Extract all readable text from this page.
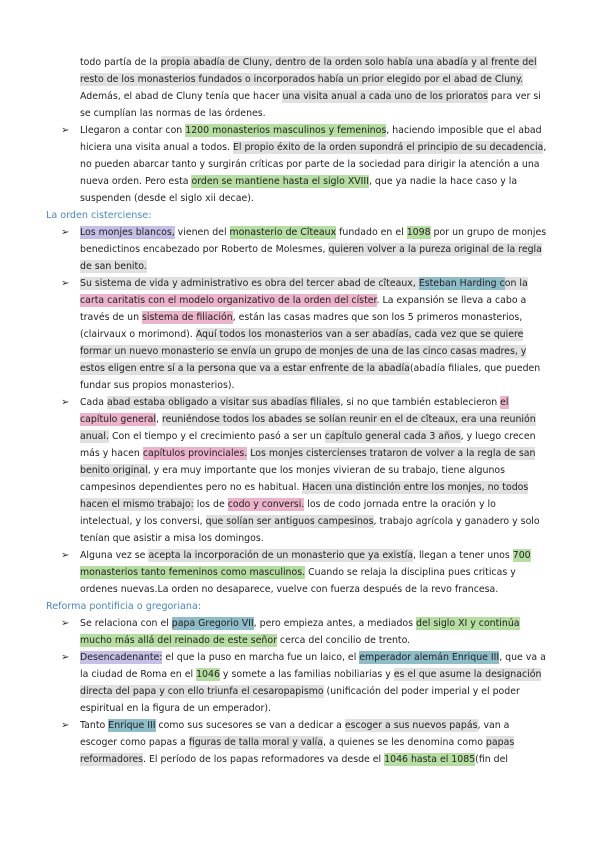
todo partía de la propia abadía de Cluny, dentro de la orden solo había una abadía y al frente del resto de los monasterios fundados o incorporados había un prior elegido por el abad de Cluny. Además, el abad de Cluny tenía que hacer una visita anual a cada uno de los prioratos para ver si se cumplían las normas de las órdenes.
➢ Llegaron a contar con 1200 monasterios masculinos y femeninos, haciendo imposible que el abad hiciera una visita anual a todos. El propio éxito de la orden supondrá el principio de su decadencia, no pueden abarcar tanto y surgirán críticas por parte de la sociedad para dirigir la atención a una nueva orden. Pero esta orden se mantiene hasta el siglo XVIII, que ya nadie la hace caso y la suspenden (desde el siglo xii decae).
La orden cisterciense:
➢ Los monjes blancos, vienen del monasterio de Cîteaux fundado en el 1098 por un grupo de monjes benedictinos encabezado por Roberto de Molesmes, quieren volver a la pureza original de la regla de san benito.
➢ Su sistema de vida y administrativo es obra del tercer abad de cîteaux, Esteban Harding con la carta caritatis con el modelo organizativo de la orden del císter. La expansión se lleva a cabo a través de un sistema de filiación, están las casas madres que son los 5 primeros monasterios, (clairvaux o morimond). Aquí todos los monasterios van a ser abadías, cada vez que se quiere formar un nuevo monasterio se envía un grupo de monjes de una de las cinco casas madres, y estos eligen entre sí a la persona que va a estar enfrente de la abadía(abadía filiales, que pueden fundar sus propios monasterios).
➢ Cada abad estaba obligado a visitar sus abadías filiales, si no que también establecieron el capítulo general, reuniéndose todos los abades se solían reunir en el de cîteaux, era una reunión anual. Con el tiempo y el crecimiento pasó a ser un capítulo general cada 3 años, y luego crecen más y hacen capítulos provinciales. Los monjes cistercienses trataron de volver a la regla de san benito original, y era muy importante que los monjes vivieran de su trabajo, tiene algunos campesinos dependientes pero no es habitual. Hacen una distinción entre los monjes, no todos hacen el mismo trabajo: los de codo y conversi. los de codo jornada entre la oración y lo intelectual, y los conversi, que solían ser antiguos campesinos, trabajo agrícola y ganadero y solo tenían que asistir a misa los domingos.
➢ Alguna vez se acepta la incorporación de un monasterio que ya existía, llegan a tener unos 700 monasterios tanto femeninos como masculinos. Cuando se relaja la disciplina pues criticas y ordenes nuevas.La orden no desaparece, vuelve con fuerza después de la revo francesa.
Reforma pontificia o gregoriana:
➢ Se relaciona con el papa Gregorio VII, pero empieza antes, a mediados del siglo XI y continúa mucho más allá del reinado de este señor cerca del concilio de trento.
➢ Desencadenante: el que la puso en marcha fue un laico, el emperador alemán Enrique III, que va a la ciudad de Roma en el 1046 y somete a las familias nobiliarias y es el que asume la designación directa del papa y con ello triunfa el cesaropapismo (unificación del poder imperial y el poder espiritual en la figura de un emperador).
➢ Tanto Enrique III como sus sucesores se van a dedicar a escoger a sus nuevos papás, van a escoger como papas a figuras de talla moral y valía, a quienes se les denomina como papas reformadores. El período de los papas reformadores va desde el 1046 hasta el 1085(fin del
